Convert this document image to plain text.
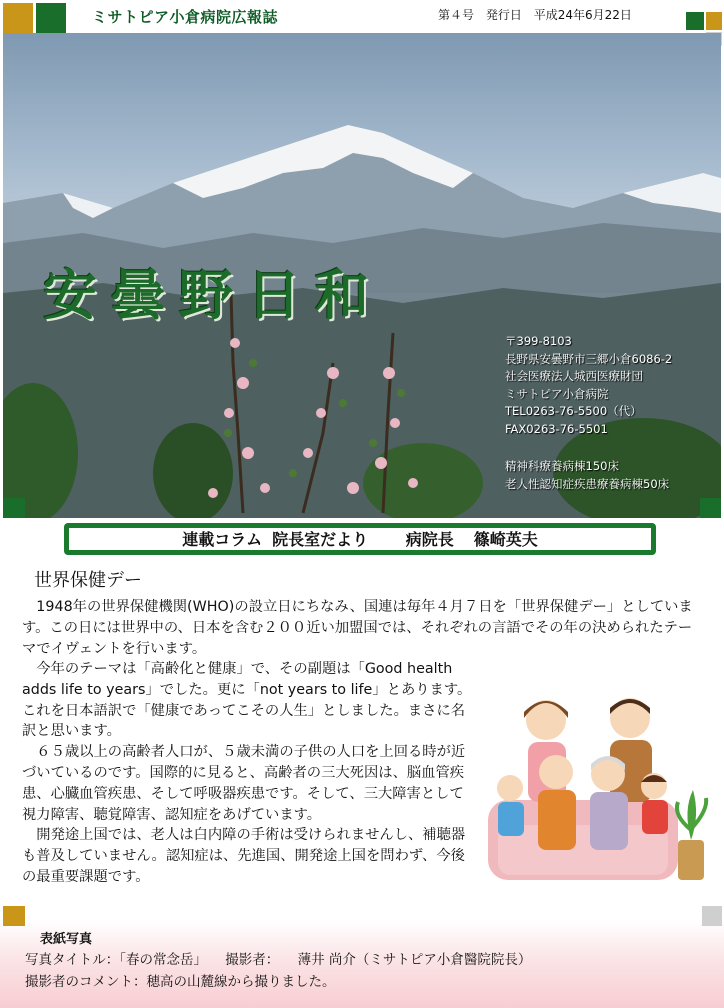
ミサトピア小倉病院広報誌	第４号 発行日 平成24年6月22日
安曇野日和
〒399-8103
長野県安曇野市三郷小倉6086-2
社会医療法人城西医療財団
ミサトピア小倉病院
TEL0263-76-5500（代）
FAX0263-76-5501
精神科療養病棟150床
老人性認知症疾患療養病棟50床
連載コラム 院長室だより 病院長 篠崎英夫
世界保健デー

1948年の世界保健機関(WHO)の設立日にちなみ、国連は毎年４月７日を「世界保健デー」としています。この日には世界中の、日本を含む２００近い加盟国では、それぞれの言語でその年の決められたテーマでイヴェントを行います。

今年のテーマは「高齢化と健康」で、その副題は「Good health adds life to years」でした。更に「not years to life」とあります。これを日本語訳で「健康であってこその人生」としました。まさに名訳と思います。

６５歳以上の高齢者人口が、５歳未満の子供の人口を上回る時が近づいているのです。国際的に見ると、高齢者の三大死因は、脳血管疾患、心臓血管疾患、そして呼吸器疾患です。そして、三大障害として視力障害、聴覚障害、認知症をあげています。

開発途上国では、老人は白内障の手術は受けられませんし、補聴器も普及していません。認知症は、先進国、開発途上国を問わず、今後の最重要課題です。

表紙写真
写真タイトル：「春の常念岳」 撮影者： 薄井 尚介（ミサトピア小倉醫院院長）
撮影者のコメント：穂高の山麓線から撮りました。
